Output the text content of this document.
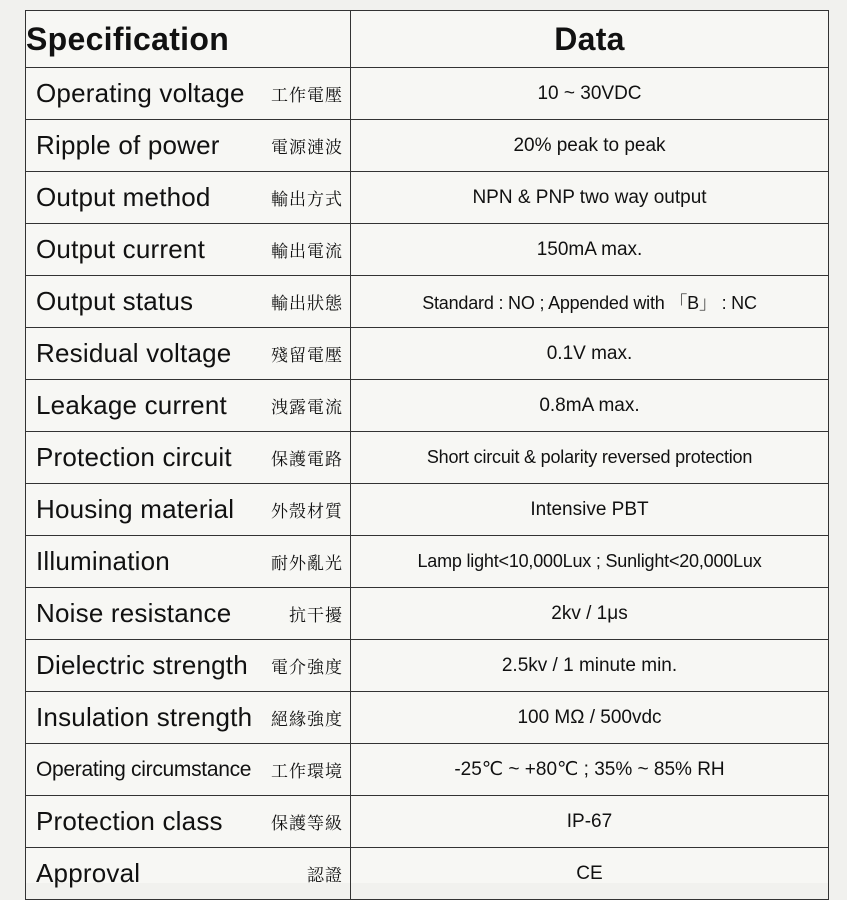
Specification	Data

Operating voltage 工作電壓	10 ~ 30VDC

Ripple of power 電源漣波	20% peak to peak

Output method 輸出方式	NPN & PNP two way output

Output current 輸出電流	150mA max.

Output status 輸出狀態	Standard : NO ; Appended with 「B」 : NC

Residual voltage 殘留電壓	0.1V max.

Leakage current 洩露電流	0.8mA max.

Protection circuit 保護電路	Short circuit & polarity reversed protection

Housing material 外殼材質	Intensive PBT

Illumination 耐外亂光	Lamp light<10,000Lux ; Sunlight<20,000Lux

Noise resistance 抗干擾	2kv / 1μs

Dielectric strength 電介強度	2.5kv / 1 minute min.

Insulation strength 絕緣強度	100 MΩ / 500vdc

Operating circumstance 工作環境	-25℃ ~ +80℃ ; 35% ~ 85% RH

Protection class 保護等級	IP-67

Approval 認證	CE
